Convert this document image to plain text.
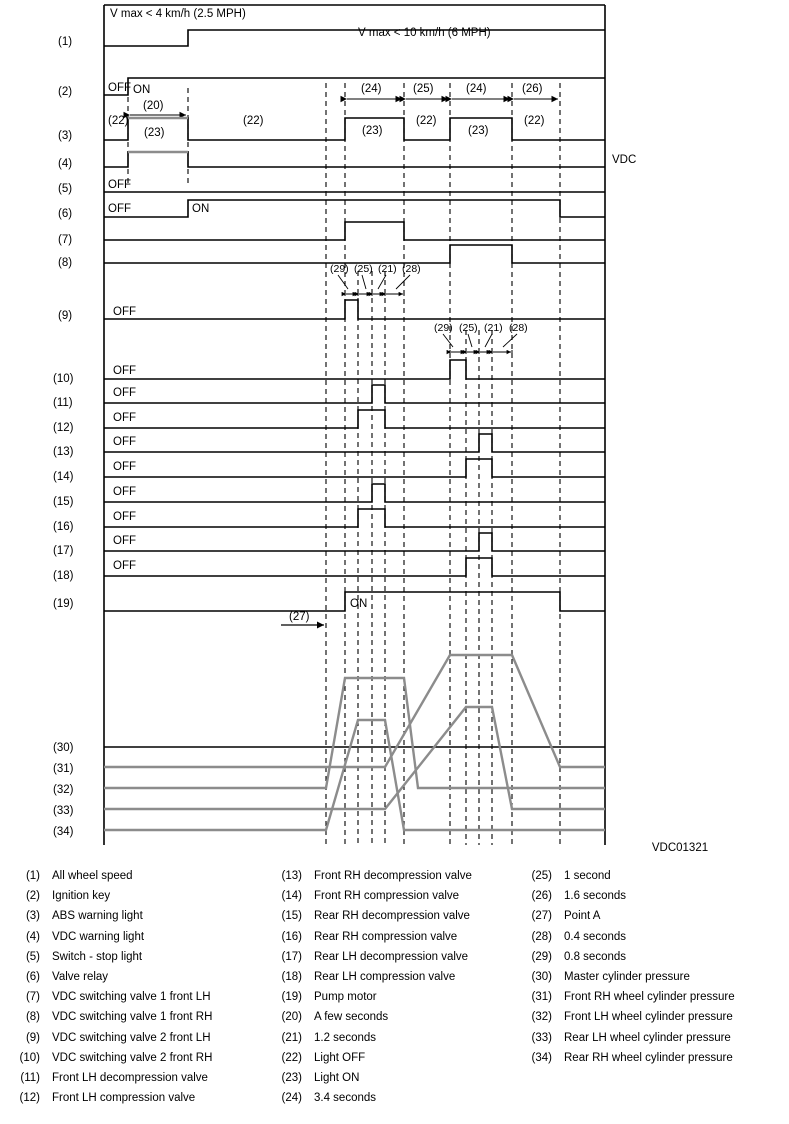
V max < 4 km/h (2.5 MPH)
V max < 10 km/h (6 MPH)
OFF ON
(20)
(24)	(25)	(24)	(26)
(22)
(23)
(22)
(23)
(22)
(23)
(22)
VDC
OFF
OFF	ON
(29) (25) (21) (28)
OFF
(29) (25) (21) (28)
OFF
OFF
OFF
OFF
OFF
OFF
OFF
OFF
OFF
ON
(27)
(1)
(2)
(3)
(4)
(5)
(6)
(7)
(8)
(9)
(10)
(11)
(12)
(13)
(14)
(15)
(16)
(17)
(18)
(19)
(30)
(31)
(32)
(33)
(34)
VDC01321
(1)	All wheel speed
(2)	Ignition key
(3)	ABS warning light
(4)	VDC warning light
(5)	Switch - stop light
(6)	Valve relay
(7)	VDC switching valve 1 front LH
(8)	VDC switching valve 1 front RH
(9)	VDC switching valve 2 front LH
(10)	VDC switching valve 2 front RH
(11)	Front LH decompression valve
(12)	Front LH compression valve
(13)	Front RH decompression valve
(14)	Front RH compression valve
(15)	Rear RH decompression valve
(16)	Rear RH compression valve
(17)	Rear LH decompression valve
(18)	Rear LH compression valve
(19)	Pump motor
(20)	A few seconds
(21)	1.2 seconds
(22)	Light OFF
(23)	Light ON
(24)	3.4 seconds
(25)	1 second
(26)	1.6 seconds
(27)	Point A
(28)	0.4 seconds
(29)	0.8 seconds
(30)	Master cylinder pressure
(31)	Front RH wheel cylinder pressure
(32)	Front LH wheel cylinder pressure
(33)	Rear LH wheel cylinder pressure
(34)	Rear RH wheel cylinder pressure
